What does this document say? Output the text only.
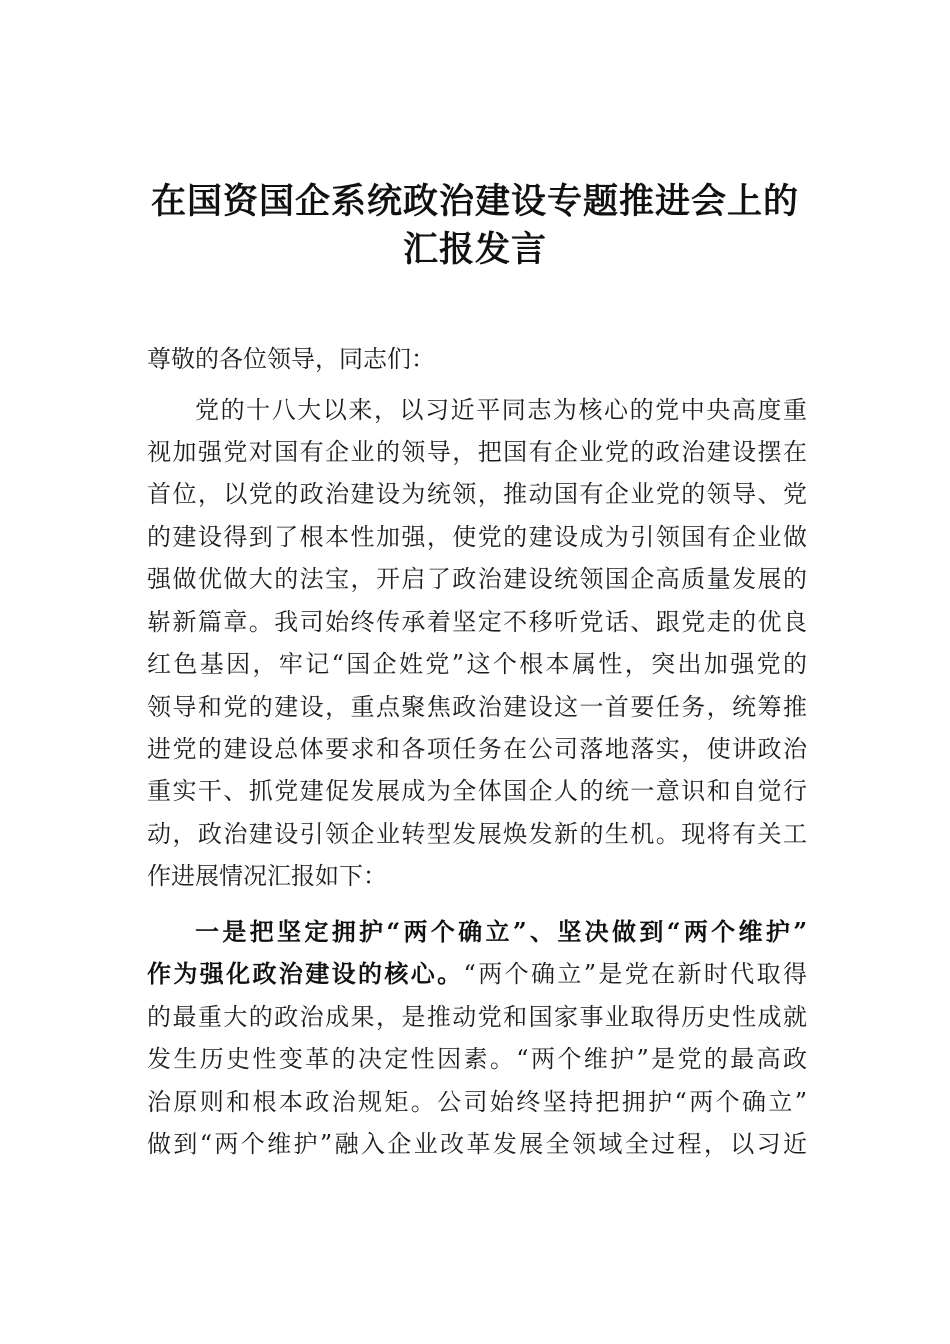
在国资国企系统政治建设专题推进会上的
汇报发言
尊敬的各位领导，同志们：
党的十八大以来，以习近平同志为核心的党中央高度重
视加强党对国有企业的领导，把国有企业党的政治建设摆在
首位，以党的政治建设为统领，推动国有企业党的领导、党
的建设得到了根本性加强，使党的建设成为引领国有企业做
强做优做大的法宝，开启了政治建设统领国企高质量发展的
崭新篇章。我司始终传承着坚定不移听党话、跟党走的优良
红色基因，牢记“国企姓党”这个根本属性，突出加强党的
领导和党的建设，重点聚焦政治建设这一首要任务，统筹推
进党的建设总体要求和各项任务在公司落地落实，使讲政治
重实干、抓党建促发展成为全体国企人的统一意识和自觉行
动，政治建设引领企业转型发展焕发新的生机。现将有关工
作进展情况汇报如下：
一是把坚定拥护“两个确立”、坚决做到“两个维护”
作为强化政治建设的核心。“两个确立”是党在新时代取得
的最重大的政治成果，是推动党和国家事业取得历史性成就
发生历史性变革的决定性因素。“两个维护”是党的最高政
治原则和根本政治规矩。公司始终坚持把拥护“两个确立”
做到“两个维护”融入企业改革发展全领域全过程，以习近
